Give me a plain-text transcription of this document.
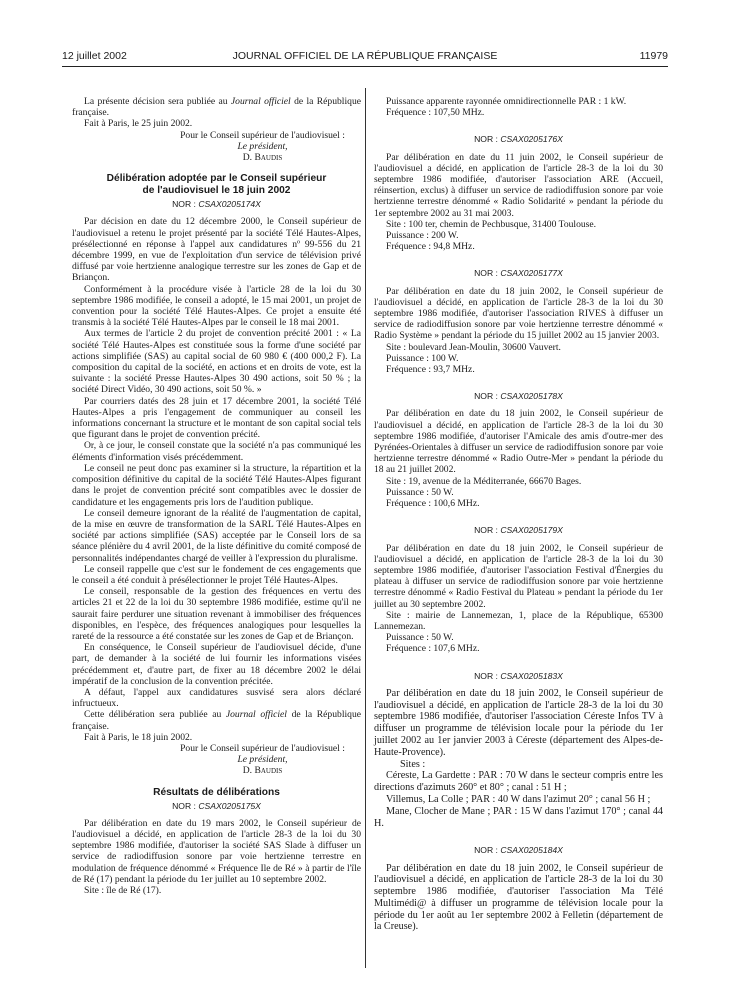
12 juillet 2002	JOURNAL OFFICIEL DE LA RÉPUBLIQUE FRANÇAISE	11979

La présente décision sera publiée au Journal officiel de la République française.

Fait à Paris, le 25 juin 2002.

Pour le Conseil supérieur de l'audiovisuel :

Le président,

D. Baudis

Délibération adoptée par le Conseil supérieur de l'audiovisuel le 18 juin 2002
NOR : CSAX0205174X

Par décision en date du 12 décembre 2000, le Conseil supérieur de l'audiovisuel a retenu le projet présenté par la société Télé Hautes-Alpes, présélectionné en réponse à l'appel aux candidatures nº 99-556 du 21 décembre 1999, en vue de l'exploitation d'un service de télévision privé diffusé par voie hertzienne analogique terrestre sur les zones de Gap et de Briançon.

Conformément à la procédure visée à l'article 28 de la loi du 30 septembre 1986 modifiée, le conseil a adopté, le 15 mai 2001, un projet de convention pour la société Télé Hautes-Alpes. Ce projet a ensuite été transmis à la société Télé Hautes-Alpes par le conseil le 18 mai 2001.

Aux termes de l'article 2 du projet de convention précité 2001 : « La société Télé Hautes-Alpes est constituée sous la forme d'une société par actions simplifiée (SAS) au capital social de 60 980 € (400 000,2 F). La composition du capital de la société, en actions et en droits de vote, est la suivante : la société Presse Hautes-Alpes 30 490 actions, soit 50 % ; la société Direct Vidéo, 30 490 actions, soit 50 %. »

Par courriers datés des 28 juin et 17 décembre 2001, la société Télé Hautes-Alpes a pris l'engagement de communiquer au conseil les informations concernant la structure et le montant de son capital social tels que figurant dans le projet de convention précité.

Or, à ce jour, le conseil constate que la société n'a pas communiqué les éléments d'information visés précédemment.

Le conseil ne peut donc pas examiner si la structure, la répartition et la composition définitive du capital de la société Télé Hautes-Alpes figurant dans le projet de convention précité sont compatibles avec le dossier de candidature et les engagements pris lors de l'audition publique.

Le conseil demeure ignorant de la réalité de l'augmentation de capital, de la mise en œuvre de transformation de la SARL Télé Hautes-Alpes en société par actions simplifiée (SAS) acceptée par le Conseil lors de sa séance plénière du 4 avril 2001, de la liste définitive du comité composé de personnalités indépendantes chargé de veiller à l'expression du pluralisme.

Le conseil rappelle que c'est sur le fondement de ces engagements que le conseil a été conduit à présélectionner le projet Télé Hautes-Alpes.

Le conseil, responsable de la gestion des fréquences en vertu des articles 21 et 22 de la loi du 30 septembre 1986 modifiée, estime qu'il ne saurait faire perdurer une situation revenant à immobiliser des fréquences disponibles, en l'espèce, des fréquences analogiques pour lesquelles la rareté de la ressource a été constatée sur les zones de Gap et de Briançon.

En conséquence, le Conseil supérieur de l'audiovisuel décide, d'une part, de demander à la société de lui fournir les informations visées précédemment et, d'autre part, de fixer au 18 décembre 2002 le délai impératif de la conclusion de la convention précitée.

A défaut, l'appel aux candidatures susvisé sera alors déclaré infructueux.

Cette délibération sera publiée au Journal officiel de la République française.

Fait à Paris, le 18 juin 2002.

Pour le Conseil supérieur de l'audiovisuel :

Le président,

D. Baudis

Résultats de délibérations
NOR : CSAX0205175X

Par délibération en date du 19 mars 2002, le Conseil supérieur de l'audiovisuel a décidé, en application de l'article 28-3 de la loi du 30 septembre 1986 modifiée, d'autoriser la société SAS Slade à diffuser un service de radiodiffusion sonore par voie hertzienne terrestre en modulation de fréquence dénommé « Fréquence Ile de Ré » à partir de l'île de Ré (17) pendant la période du 1er juillet au 10 septembre 2002.

Site : île de Ré (17).

Puissance apparente rayonnée omnidirectionnelle PAR : 1 kW.

Fréquence : 107,50 MHz.

NOR : CSAX0205176X

Par délibération en date du 11 juin 2002, le Conseil supérieur de l'audiovisuel a décidé, en application de l'article 28-3 de la loi du 30 septembre 1986 modifiée, d'autoriser l'association ARE (Accueil, réinsertion, exclus) à diffuser un service de radiodiffusion sonore par voie hertzienne terrestre dénommé « Radio Solidarité » pendant la période du 1er septembre 2002 au 31 mai 2003.

Site : 100 ter, chemin de Pechbusque, 31400 Toulouse.

Puissance : 200 W.

Fréquence : 94,8 MHz.

NOR : CSAX0205177X

Par délibération en date du 18 juin 2002, le Conseil supérieur de l'audiovisuel a décidé, en application de l'article 28-3 de la loi du 30 septembre 1986 modifiée, d'autoriser l'association RIVES à diffuser un service de radiodiffusion sonore par voie hertzienne terrestre dénommé « Radio Système » pendant la période du 15 juillet 2002 au 15 janvier 2003.

Site : boulevard Jean-Moulin, 30600 Vauvert.

Puissance : 100 W.

Fréquence : 93,7 MHz.

NOR : CSAX0205178X

Par délibération en date du 18 juin 2002, le Conseil supérieur de l'audiovisuel a décidé, en application de l'article 28-3 de la loi du 30 septembre 1986 modifiée, d'autoriser l'Amicale des amis d'outre-mer des Pyrénées-Orientales à diffuser un service de radiodiffusion sonore par voie hertzienne terrestre dénommé « Radio Outre-Mer » pendant la période du 18 au 21 juillet 2002.

Site : 19, avenue de la Méditerranée, 66670 Bages.

Puissance : 50 W.

Fréquence : 100,6 MHz.

NOR : CSAX0205179X

Par délibération en date du 18 juin 2002, le Conseil supérieur de l'audiovisuel a décidé, en application de l'article 28-3 de la loi du 30 septembre 1986 modifiée, d'autoriser l'association Festival d'Énergies du plateau à diffuser un service de radiodiffusion sonore par voie hertzienne terrestre dénommé « Radio Festival du Plateau » pendant la période du 1er juillet au 30 septembre 2002.

Site : mairie de Lannemezan, 1, place de la République, 65300 Lannemezan.

Puissance : 50 W.

Fréquence : 107,6 MHz.

NOR : CSAX0205183X

Par délibération en date du 18 juin 2002, le Conseil supérieur de l'audiovisuel a décidé, en application de l'article 28-3 de la loi du 30 septembre 1986 modifiée, d'autoriser l'association Céreste Infos TV à diffuser un programme de télévision locale pour la période du 1er juillet 2002 au 1er janvier 2003 à Céreste (département des Alpes-de-Haute-Provence).

Sites :

Céreste, La Gardette : PAR : 70 W dans le secteur compris entre les directions d'azimuts 260° et 80° ; canal : 51 H ;

Villemus, La Colle ; PAR : 40 W dans l'azimut 20° ; canal 56 H ;

Mane, Clocher de Mane ; PAR : 15 W dans l'azimut 170° ; canal 44 H.

NOR : CSAX0205184X

Par délibération en date du 18 juin 2002, le Conseil supérieur de l'audiovisuel a décidé, en application de l'article 28-3 de la loi du 30 septembre 1986 modifiée, d'autoriser l'association Ma Télé Multimédi@ à diffuser un programme de télévision locale pour la période du 1er août au 1er septembre 2002 à Felletin (département de la Creuse).
